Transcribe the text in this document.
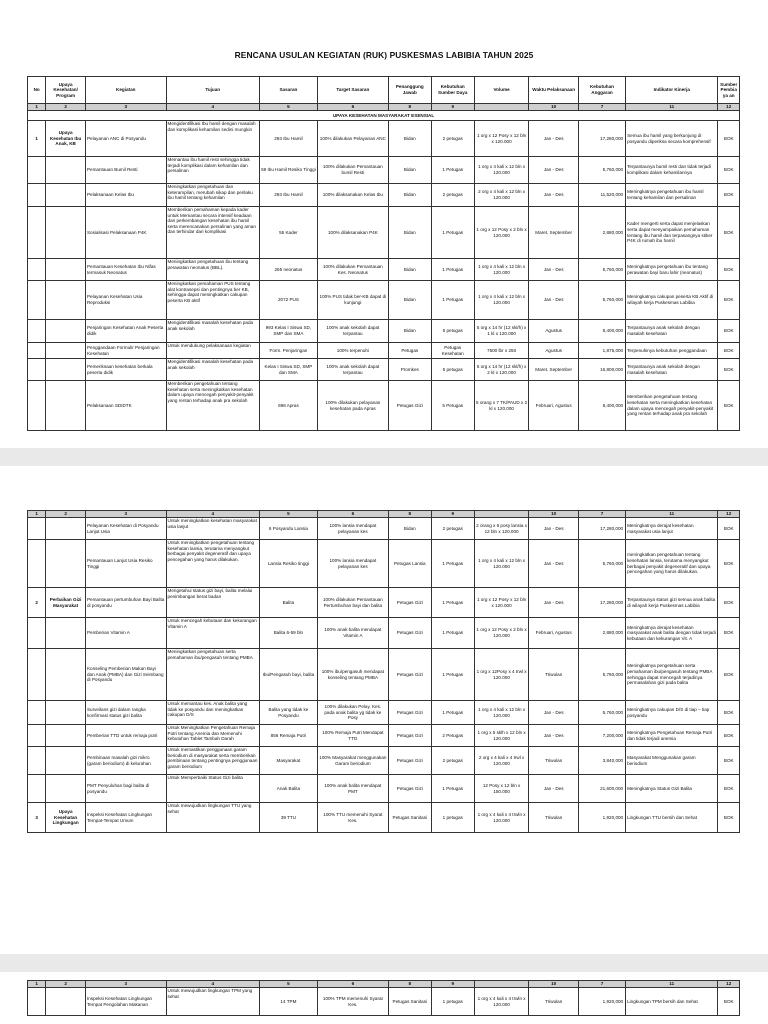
RENCANA USULAN KEGIATAN (RUK) PUSKESMAS LABIBIA TAHUN 2025
No	Upaya Kesehatan/ Program	Kegiatan	Tujuan	Sasaran	Target Sasaran	Penanggung Jawab	Kebutuhan Sumber Daya	Volume	Waktu Pelaksanaan	Kebutuhan Anggaran	Indikator Kinerja	Sumber Pembiaya an
1	2	3	4	5	6	8	9		10	7	11	12
UPAYA KESEHATAN MASYARAKAT ESENSIAL												
1	Upaya Kesehatan Ibu Anak, KB	Pelayanan ANC di Posyandu	Mengidentifikasi Ibu hamil dengan masalah dan komplikasi kehamilan sedini mungkin	293 Ibu Hamil	100% dilakukan Pelayanan ANC	Bidan	2 petugas	1 org x 12 Posy x 12 bln x 120.000	Jan - Des	17,280,000	Semua ibu hamil yang berkunjung di posyandu diperiksa secara komprehensif	BOK
		Pemantauan Bumil Resti	Memantau ibu hamil resti sehingga tidak terjadi komplikasi dalam kehamilan dan persalinan	59 Ibu Hamil Resiko Tinggi	100% dilakukan Pemantauan bumil Resti	Bidan	1 Petugas	1 org x 4 kali x 12 bln x 120.000	Jan - Des	5,760,000	Terpantaunya bumil resti dan tidak terjadi komplikasi dalam kehamilannya	BOK
		Pelaksanaan Kelas Ibu	Meningkatkan pengetahuan dan keterampilan, merubah sikap dan perilaku ibu hamil tentang kehamilan	293 Ibu Hamil	100% dilaksanakan Kelas Ibu	Bidan	2 petugas	2 org x 4 kali x 12 bln x 120.000	Jan - Des	11,520,000	Meningkatnya pengetahuan ibu hamil tentang kehamilan dan persalinan	BOK
		Sosialisasi Pelaksanaan P4K	Memberikan pemahaman kepada kader untuk Memantau secara intensif keadaan dan perkembangan kesehatan ibu hamil serta merencanakan persalinan yang aman dan terhindar dari komplikasi	55 Kader	100% dilaksanakan P4K	Bidan	1 Petugas	1 org x 12 Posy x 2 bln x 120.000	Maret, September	2,880,000	Kader mengerti serta dapat menjelaskan serta dapat menyampaikan pemahaman tentang ibu hamil dan terpasangnya stiker P4K di rumah ibu hamil	BOK
		Pemantauan Kesehatan Ibu Nifas termasuk Neonatus	Meningkatkan pengetahuan ibu tentang perawatan neonatus (BBL).	265 neonatus	100% dilakukan Pemantauan Kes. Neonatus	Bidan	1 Petugas	1 org x 4 kali x 12 bln x 120.000	Jan - Des	5,760,000	Meningkatnya pengetahuan ibu tentang perawatan bayi baru lahir (neonatus)	BOK
		Pelayanan Kesehatan Usia Reproduksi	Meningkatkan pemahaman PUS tentang alat kontrasepsi dan pentingnya ber KB, sehingga dapat meningkatkan cakupan peserta KB aktif	2072 PUS	100% PUS tidak ber-KB dapat di kunjungi	Bidan	1 Petugas	1 org x 4 kali x 12 bln x 120.000	Jan - Des	5,760,000	Meningkatnya cakupan peserta KB Aktif di wilayah kerja Puskesmas Labibia	BOK
		Penjaringan Kesehatan Anak Peserta didik	Mengidentifikasi masalah kesehatan pada anak sekolah	993 Kelas I Siswa SD, SMP dan SMA	100% anak sekolah dapat terpantau	Bidan	5 petugas	5 org x 14 hr (12 skl/h) x 1 kl x 120.000	Agustus	8,400,000	Terpantaunya anak sekolah dengan masalah kesehatan	BOK
		Penggandaan Formulir Penjaringan Kesehatan	Untuk mendukung pelaksanaan kegiatan	Form. Penjaringan	100% terpenuhi	Petugas	Petugas Kesehatan	7500 lbr x 250	Agustus	1,875,000	Terpenuhinya kebutuhan penggandaan	BOK
		Pemeriksaan kesehatan berkala peserta didik	Mengidentifikasi masalah kesehatan pada anak sekolah	Kelas I Siswa SD, SMP dan SMA	100% anak sekolah dapat terpantau	Promkes	5 petugas	5 org x 14 hr (12 skl/h) x 2 kl x 120.000	Maret, September	16,800,000	Terpantaunya anak sekolah dengan masalah kesehatan	BOK
		Pelaksanaan SDIDTK	Memberikan pengetahuan tentang kesehatan serta meningkatkan kesehatan dalam upaya mencegah penyakit-penyakit yang rentan terhadap anak pra sekolah	698 Apras	100% dilakukan pelayanan kesehatan pada Apras	Petugas Gizi	5 Petugas	5 orang x 7 TK/PAUD x 2 kl x 120.000	Februari, Agustus	8,400,000	Memberikan pengetahuan tentang kesehatan serta meningkatkan kesehatan dalam upaya mencegah penyakit-penyakit yang rentan terhadap anak pra sekolah	BOK
1	2	3	4	5	6	8	9		10	7	11	12
		Pelayanan Kesehatan di Posyandu Lanjut Usia	Untuk meningkatkan kesehatan masyarakat usia lanjut	6 Posyandu Lansia	100% lansia mendapat pelayanan kes	Bidan	2 petugas	2 orang x 6 posy lansia x 12 bln x 120.000	Jan - Des	17,280,000	Meningkatnya derajat kesehatan masyarakat usia lanjut	BOK
		Pemantauan Lanjut Usia Resiko Tinggi	Untuk meningkatkan pengetahuan tentang kesehatan lansia, terutama menyangkut berbagai penyakit degeneratif dan upaya pencegahan yang harus dilakukan.	Lansia Resiko tinggi	100% lansia mendapat pelayanan kes	Petugas Lansia	1 Petugas	1 org x 4 kali x 12 bln x 120.000	Jan - Des	5,760,000	meningkatkan pengetahuan tentang kesehatan lansia, terutama menyangkut berbagai penyakit degeneratif dan upaya pencegahan yang harus dilakukan.	BOK
2	Perbaikan Gizi Masyarakat	Pemantauan pertumbuhan Bayi Balita di posyandu	Mengetahui status gizi bayi, balita melalui penimbangan berat badan	Balita	100% dilakukan Pemantauan Pertumbuhan bayi dan balita	Petugas Gizi	1 Petugas	1 org x 12 Posy x 12 bln x 120.000	Jan - Des	17,280,000	Terpantaunya status gizi semua anak balita di wilayah kerja Puskesmas Labibia	BOK
		Pemberian Vitamin A	Untuk mencegah kebutaan dan kekurangan Vitamin A	Balita 6-59 bln	100% anak balita mendapat Vitamin A	Petugas Gizi	1 Petugas	1 org x 12 Posy x 2 bln x 120.000	Februari, Agustus	2,880,000	Meningkatnya derajat kesehatan masyarakat anak balita dengan tidak terjadi kebutaan dan kekurangan Vit. A	BOK
		Konseling Pemberian Makan Bayi dan Anak (PMBA) dan Gizi Seimbang di Posyandu	Meningkatkan pengetahuan serta pemahaman ibu/pengasuh tentang PMBA	Ibu/Pengasuh bayi, balita	100% ibu/pengasuh mendapat konseling tentang PMBA	Petugas Gizi	1 Petugas	1 org x 12Posy x 4 trwl x 120.000	Triwulan	5,760,000	Meningkatnya pengetahuan serta pemahaman ibu/pengasuh tentang PMBA sehingga dapat mencegah terjadinya permasalahan gizi pada balita	BOK
		Surveilans gizi dalam rangka konfirmasi status gizi balita	Untuk memantau kes. Anak balita yang tidak ke posyandu dan meningkatkan cakupan D/S	Balita yang tidak ke Posyandu	100% dilakukan Pelay. Kes. pada anak balita yg tidak ke Posy	Petugas Gizi	1 Petugas	1 org x 4 kali x 12 bln x 120.000	Jan - Des	5,760,000	Meningkatnya cakupan D/S di tiap – tiap posyandu	BOK
		Pemberian TTD untuk remaja putri	Untuk Meningkatkan Pengetahuan Remaja Putri tentang Anemia dan Memenuhi kebutuhan Tablet Tambah Darah	856 Remaja Putri	100% Remaja Putri Mendapat TTD	Petugas Gizi	2 Petugas	1 org x 5 sklh x 12 bln x 120.000	Jan - Des	7,200,000	Meningkatnya Pengetahuan Remaja Putri dan tidak terjadi anemia	BOK
		Pembinaan masalah gizi mikro (garam beriodium) di kelurahan	Untuk memastikan penggunaan garam beriodium di masyarakat serta memberikan pembinaan tentang pentingnya penggunaan garam beriodium	Masyarakat	100% Masyarakat menggunakan Garam beriodium	Petugas Gizi	2 petugas	2 org x 4 kali x 4 trwl x 120.000	Triwulan	3,840,000	Masyarakat Menggunakan garam beriodium	BOK
		PMT Penyuluhan bagi balita di posyandu	Untuk Memperbaiki Status Gizi balita	Anak Balita	100% anak balita mendapat PMT	Petugas Gizi	1 Petugas	12 Posy x 12 bln x 150.000	Jan - Des	21,600,000	Meningkatnya Status Gizi Balita	BOK
3	Upaya Kesehatan Lingkungan	Inspeksi Kesehatan Lingkungan Tempat-Tempat Umum	Untuk mewujudkan lingkungan TTU yang sehat	39 TTU	100% TTU memenuhi Syarat Kes.	Petugas Sanitasi	1 petugas	1 org x 4 kali x 4 trwln x 120.000	Triwulan	1,920,000	Lingkungan TTU bersih dan Sehat	BOK
1	2	3	4	5	6	8	9		10	7	11	12
		Inspeksi Kesehatan Lingkungan Tempat Pengolahan Makanan	Untuk mewujudkan lingkungan TPM yang sehat	14 TPM	100% TPM memenuhi Syarat Kes.	Petugas Sanitasi	1 petugas	1 org x 4 kali x 4 trwln x 120.000	Triwulan	1,920,000	Lingkungan TPM bersih dan Sehat	BOK
